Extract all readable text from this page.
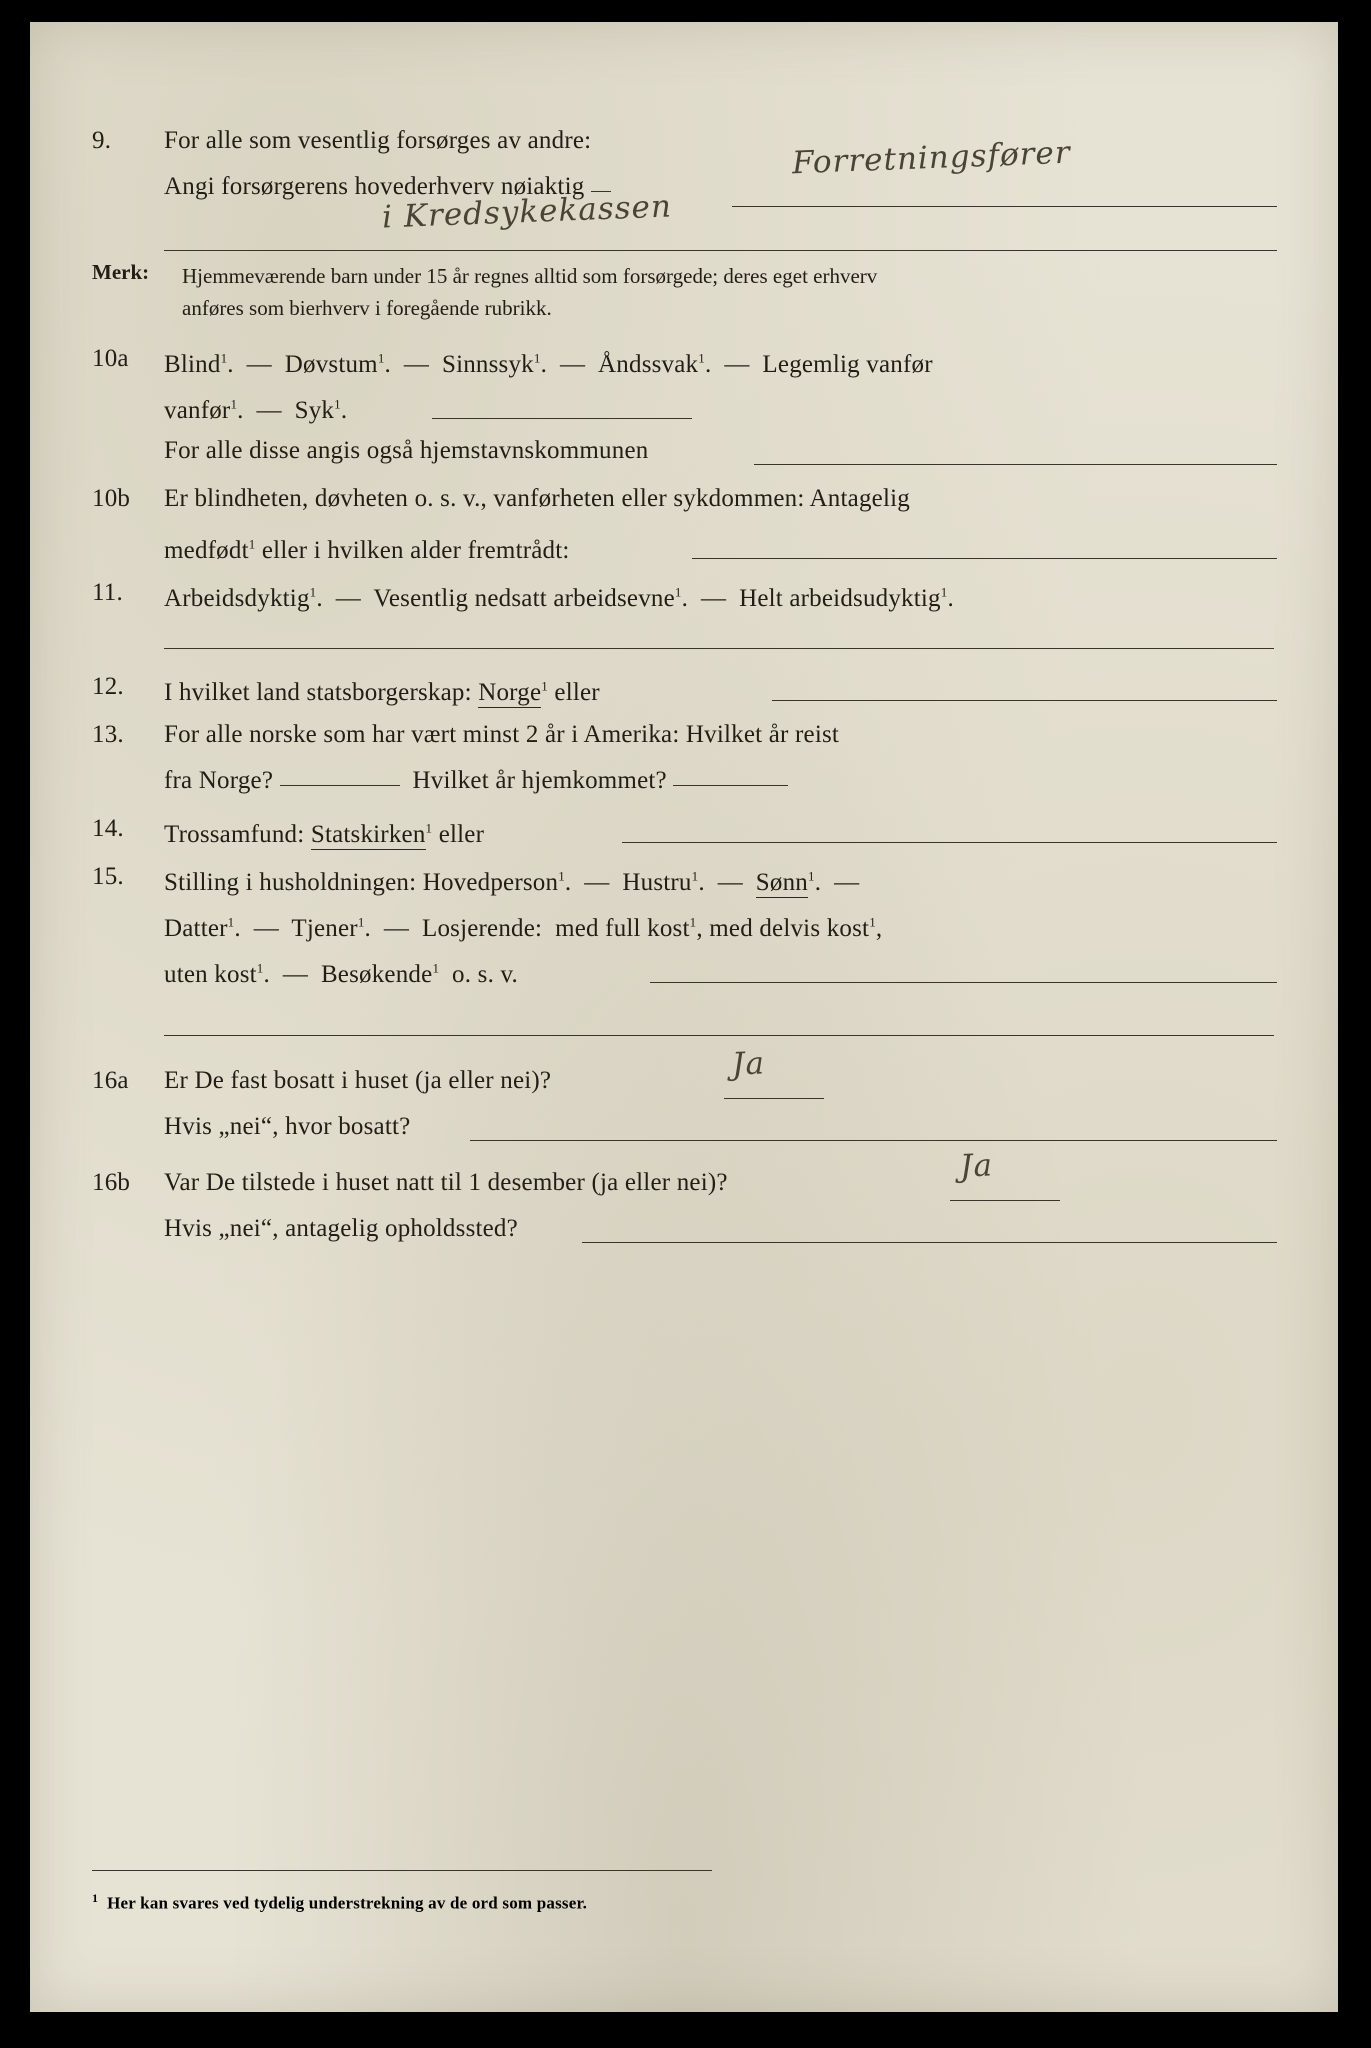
9.	For alle som vesentlig forsørges av andre:
Angi forsørgerens hovederhverv nøiaktig
Forretningsfører
i Kredsykekassen
Merk: Hjemmeværende barn under 15 år regnes alltid som forsørgede; deres eget erhverv
anføres som bierhverv i foregående rubrikk.
10a	Blind$^1$.  —  Døvstum$^1$.  —  Sinnssyk$^1$.  —  Åndssvak$^1$.  —  Legemlig vanfør
vanfør$^1$.  —  Syk$^1$.
For alle disse angis også hjemstavnskommunen
10b	Er blindheten, døvheten o. s. v., vanførheten eller sykdommen: Antagelig
medfødt$^1$ eller i hvilken alder fremtrådt:
11.	Arbeidsdyktig$^1$.  —  Vesentlig nedsatt arbeidsevne$^1$.  —  Helt arbeidsudyktig$^1$.
12.	I hvilket land statsborgerskap: Norge$^1$ eller
13.	For alle norske som har vært minst 2 år i Amerika: Hvilket år reist
fra Norge?	Hvilket år hjemkommet?
14.	Trossamfund: Statskirken$^1$ eller
15.	Stilling i husholdningen: Hovedperson$^1$.  —  Hustru$^1$.  —  Sønn$^1$.  —
Datter$^1$.  —  Tjener$^1$.  —  Losjerende: med full kost$^1$, med delvis kost$^1$,
uten kost$^1$.  —  Besøkende$^1$ o. s. v.
16a	Er De fast bosatt i huset (ja eller nei)?	Ja
Hvis „nei“, hvor bosatt?
16b	Var De tilstede i huset natt til 1 desember (ja eller nei)?	Ja
Hvis „nei“, antagelig opholdssted?
$^1$ Her kan svares ved tydelig understrekning av de ord som passer.
